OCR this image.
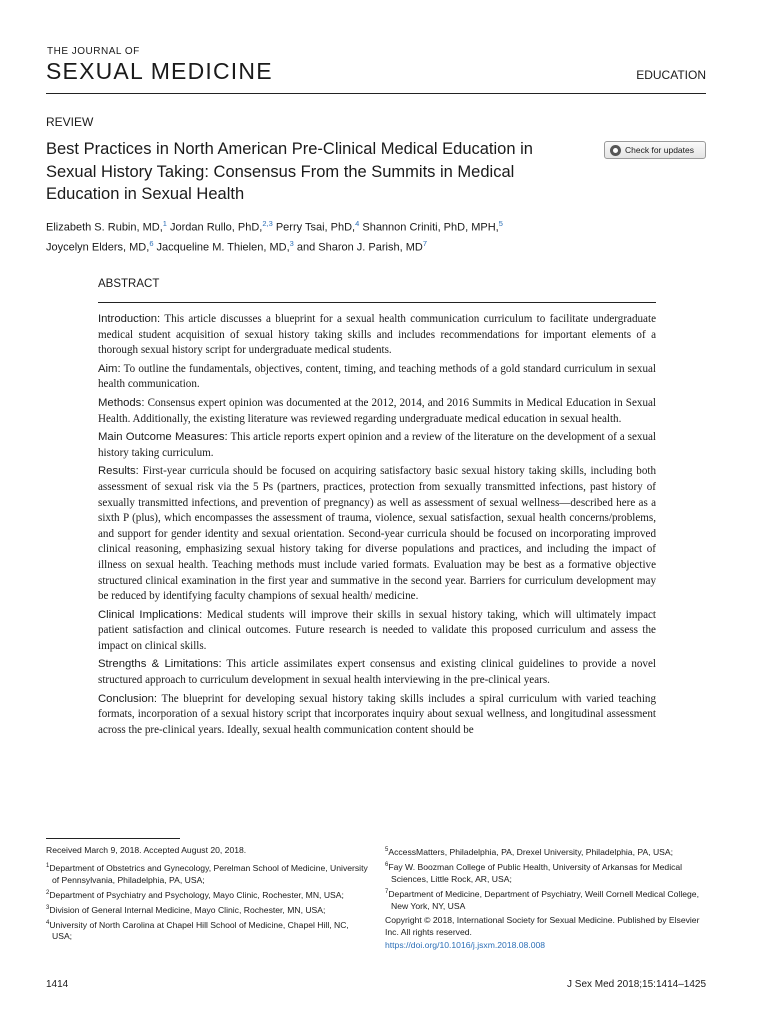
THE JOURNAL OF
SEXUAL MEDICINE	EDUCATION
REVIEW
Best Practices in North American Pre-Clinical Medical Education in Sexual History Taking: Consensus From the Summits in Medical Education in Sexual Health
Check for updates
Elizabeth S. Rubin, MD,$^1$ Jordan Rullo, PhD,$^{2,3}$ Perry Tsai, PhD,$^4$ Shannon Criniti, PhD, MPH,$^5$
Joycelyn Elders, MD,$^6$ Jacqueline M. Thielen, MD,$^3$ and Sharon J. Parish, $MD^7$
ABSTRACT

Introduction: This article discusses a blueprint for a sexual health communication curriculum to facilitate undergraduate medical student acquisition of sexual history taking skills and includes recommendations for important elements of a thorough sexual history script for undergraduate medical students.

Aim: To outline the fundamentals, objectives, content, timing, and teaching methods of a gold standard curriculum in sexual health communication.

Methods: Consensus expert opinion was documented at the 2012, 2014, and 2016 Summits in Medical Education in Sexual Health. Additionally, the existing literature was reviewed regarding undergraduate medical education in sexual health.

Main Outcome Measures: This article reports expert opinion and a review of the literature on the development of a sexual history taking curriculum.

Results: First-year curricula should be focused on acquiring satisfactory basic sexual history taking skills, including both assessment of sexual risk via the 5 Ps (partners, practices, protection from sexually transmitted infections, past history of sexually transmitted infections, and prevention of pregnancy) as well as assessment of sexual wellness—described here as a sixth P (plus), which encompasses the assessment of trauma, violence, sexual satisfaction, sexual health concerns/problems, and support for gender identity and sexual orientation. Second-year curricula should be focused on incorporating improved clinical reasoning, emphasizing sexual history taking for diverse populations and practices, and including the impact of illness on sexual health. Teaching methods must include varied formats. Evaluation may be best as a formative objective structured clinical examination in the first year and summative in the second year. Barriers for curriculum development may be reduced by identifying faculty champions of sexual health/ medicine.

Clinical Implications: Medical students will improve their skills in sexual history taking, which will ultimately impact patient satisfaction and clinical outcomes. Future research is needed to validate this proposed curriculum and assess the impact on clinical skills.

Strengths & Limitations: This article assimilates expert consensus and existing clinical guidelines to provide a novel structured approach to curriculum development in sexual health interviewing in the pre-clinical years.

Conclusion: The blueprint for developing sexual history taking skills includes a spiral curriculum with varied teaching formats, incorporation of a sexual history script that incorporates inquiry about sexual wellness, and longitudinal assessment across the pre-clinical years. Ideally, sexual health communication content should be

Received March 9, 2018. Accepted August 20, 2018.
$^1$Department of Obstetrics and Gynecology, Perelman School of Medicine, University of Pennsylvania, Philadelphia, PA, USA;
$^2$Department of Psychiatry and Psychology, Mayo Clinic, Rochester, MN, USA;
$^3$Division of General Internal Medicine, Mayo Clinic, Rochester, MN, USA;
$^4$University of North Carolina at Chapel Hill School of Medicine, Chapel Hill, NC, USA;
$^5$AccessMatters, Philadelphia, PA, Drexel University, Philadelphia, PA, USA;
$^6$Fay W. Boozman College of Public Health, University of Arkansas for Medical Sciences, Little Rock, AR, USA;
$^7$Department of Medicine, Department of Psychiatry, Weill Cornell Medical College, New York, NY, USA
Copyright © 2018, International Society for Sexual Medicine. Published by Elsevier Inc. All rights reserved.
https://doi.org/10.1016/j.jsxm.2018.08.008
1414	J Sex Med 2018;15:1414–1425
